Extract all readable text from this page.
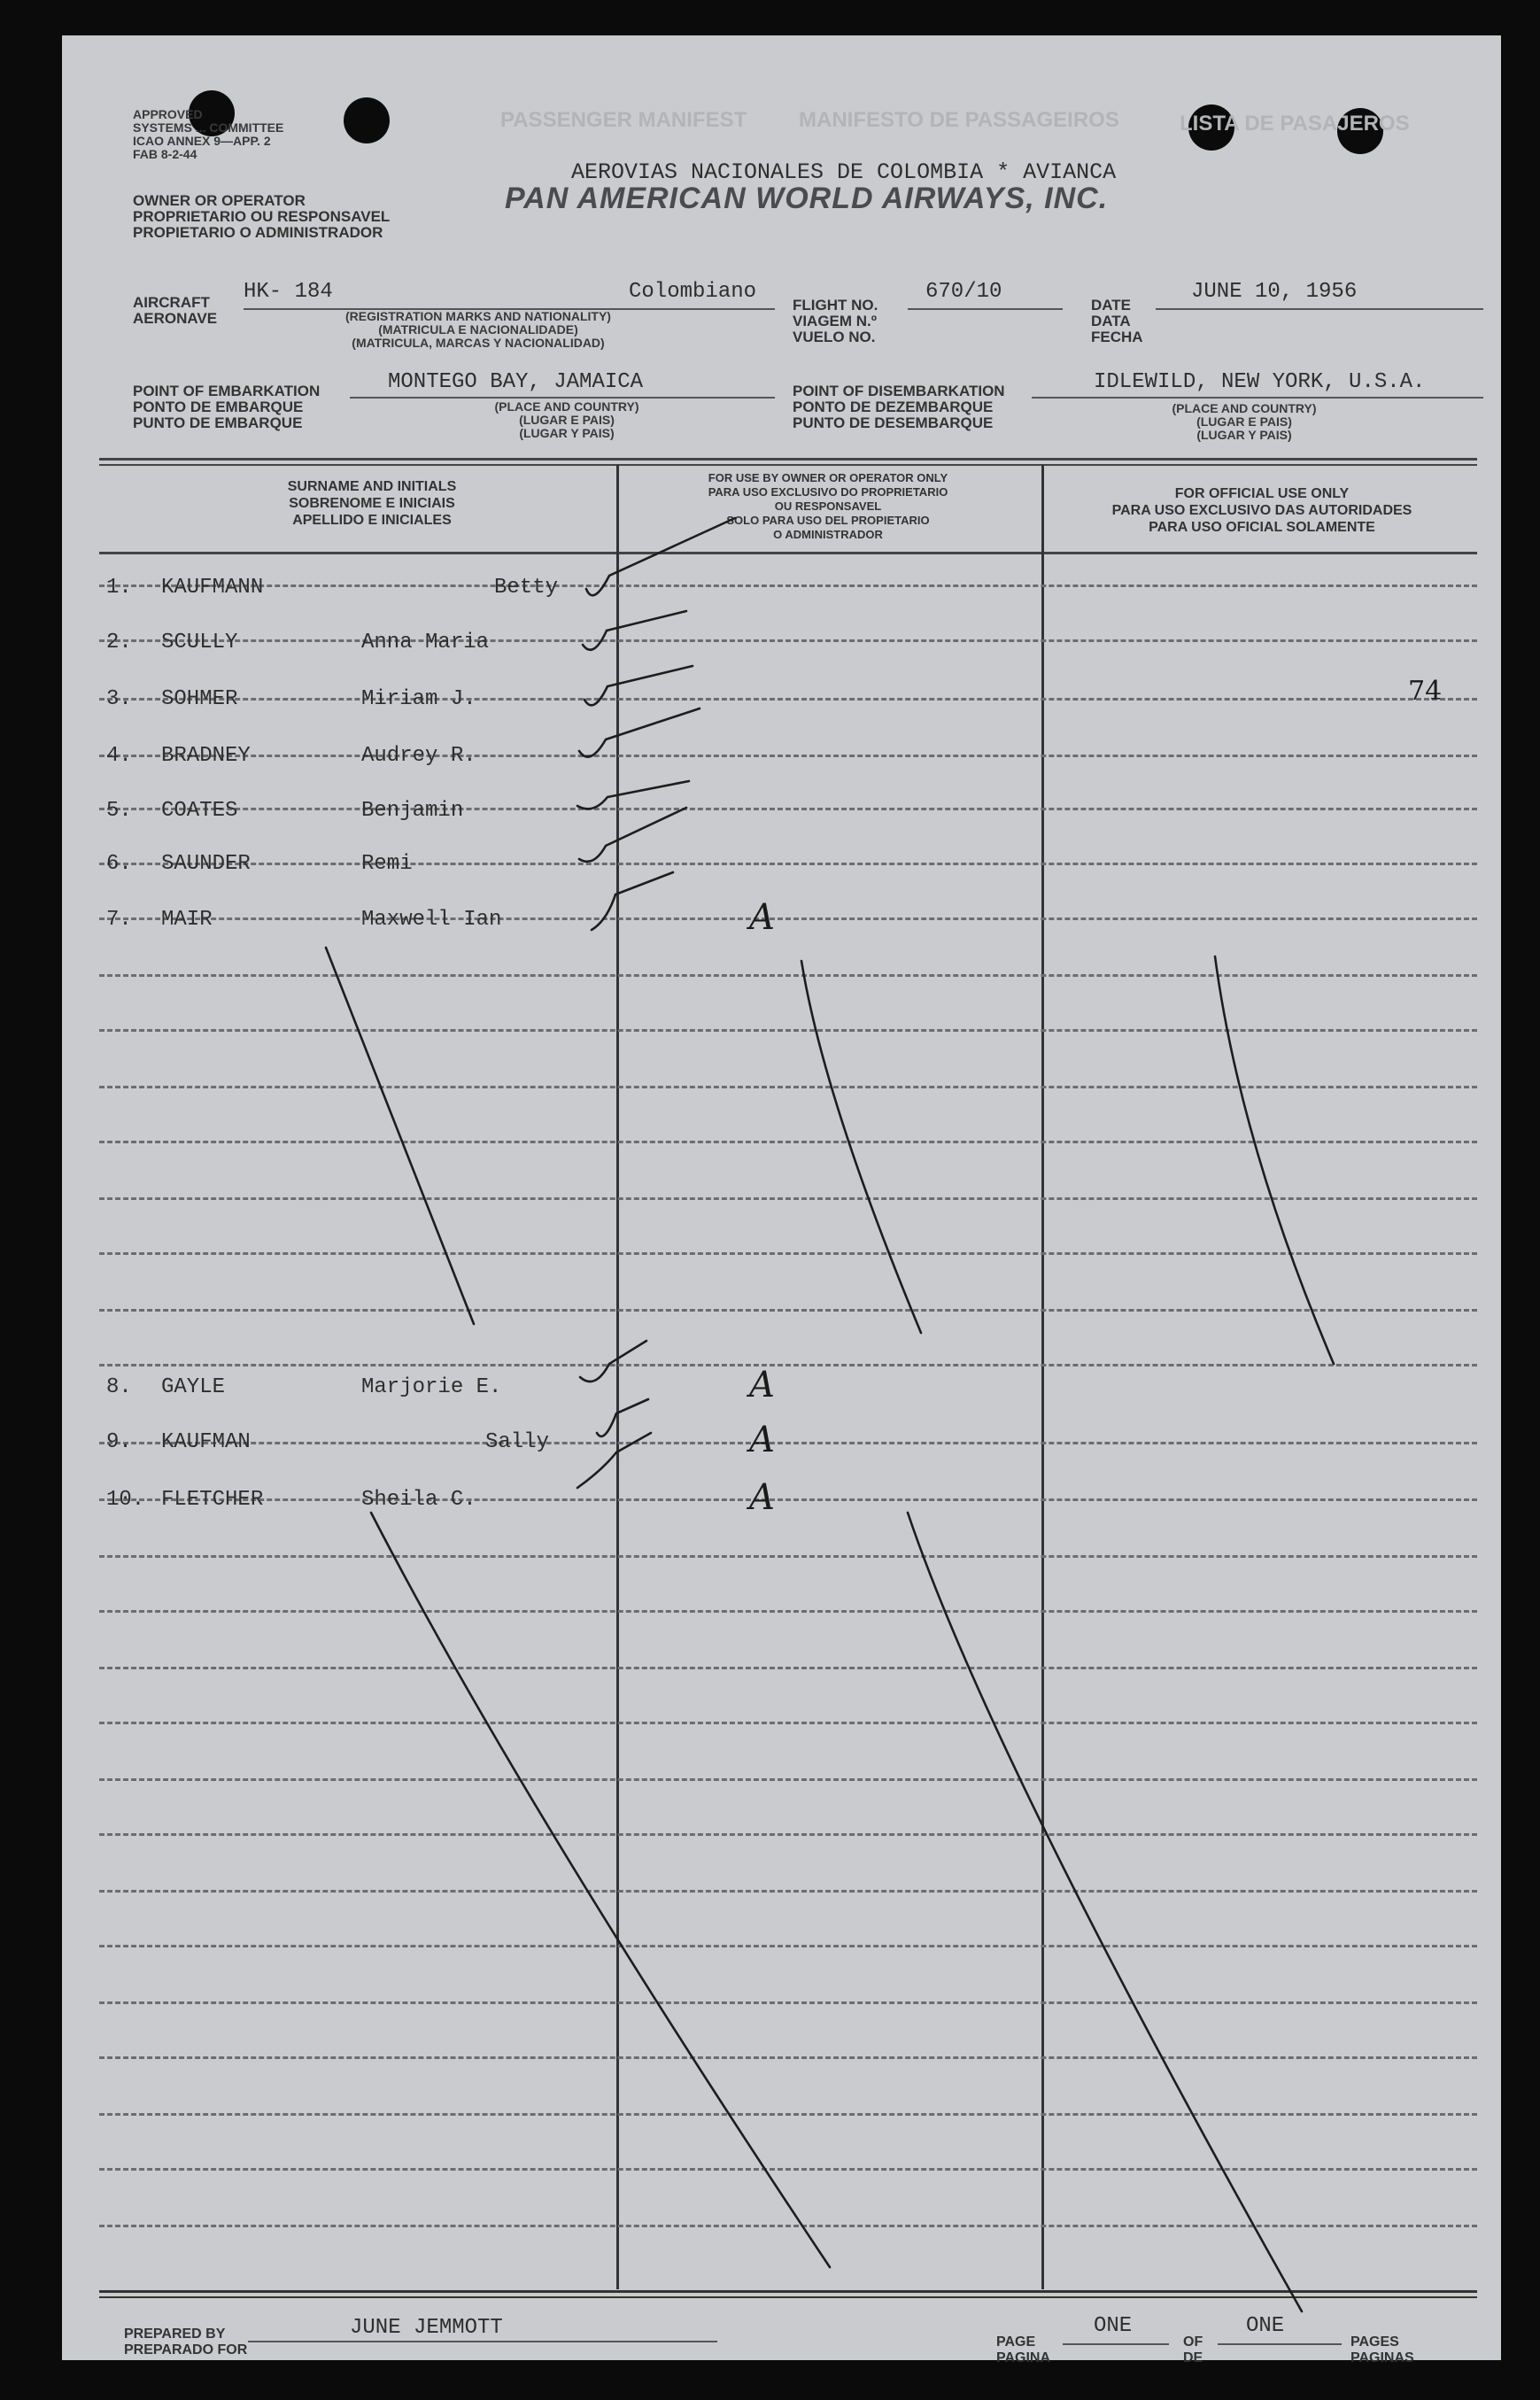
APPROVED
SYSTEMS ... COMMITTEE
ICAO ANNEX 9—APP. 2
FAB 8-2-44
PASSENGER MANIFEST MANIFESTO DE PASSAGEIROS	LISTA DE PASAJEROS
AEROVIAS NACIONALES DE COLOMBIA * AVIANCA
PAN AMERICAN WORLD AIRWAYS, INC.
OWNER OR OPERATOR
PROPRIETARIO OU RESPONSAVEL
PROPIETARIO O ADMINISTRADOR
AIRCRAFT
AERONAVE
HK- 184	Colombiano
(REGISTRATION MARKS AND NATIONALITY)
(MATRICULA E NACIONALIDADE)
(MATRICULA, MARCAS Y NACIONALIDAD)
FLIGHT NO.
VIAGEM N.º
VUELO NO.
670/10
DATE
DATA
FECHA
JUNE 10, 1956
POINT OF EMBARKATION
PONTO DE EMBARQUE
PUNTO DE EMBARQUE
MONTEGO BAY, JAMAICA
(PLACE AND COUNTRY)
(LUGAR E PAIS)
(LUGAR Y PAIS)
POINT OF DISEMBARKATION
PONTO DE DEZEMBARQUE
PUNTO DE DESEMBARQUE
IDLEWILD, NEW YORK, U.S.A.
(PLACE AND COUNTRY)
(LUGAR E PAIS)
(LUGAR Y PAIS)
SURNAME AND INITIALS
SOBRENOME E INICIAIS
APELLIDO E INICIALES
FOR USE BY OWNER OR OPERATOR ONLY
PARA USO EXCLUSIVO DO PROPRIETARIO
OU RESPONSAVEL
SOLO PARA USO DEL PROPIETARIO
O ADMINISTRADOR
FOR OFFICIAL USE ONLY
PARA USO EXCLUSIVO DAS AUTORIDADES
PARA USO OFICIAL SOLAMENTE
1. KAUFMANN	Betty
2. SCULLY	Anna Maria
3. SOHMER	Miriam J.
4. BRADNEY	Audrey R.
5. COATES	Benjamin
6. SAUNDER	Remi
7. MAIR	Maxwell Ian	A
8. GAYLE	Marjorie E.	A
9. KAUFMAN	Sally	A
10. FLETCHER	Sheila C.	A
74
PREPARED BY
PREPARADO FOR
JUNE JEMMOTT
PAGE
PAGINA
ONE
OF
DE
ONE
PAGES
PAGINAS
